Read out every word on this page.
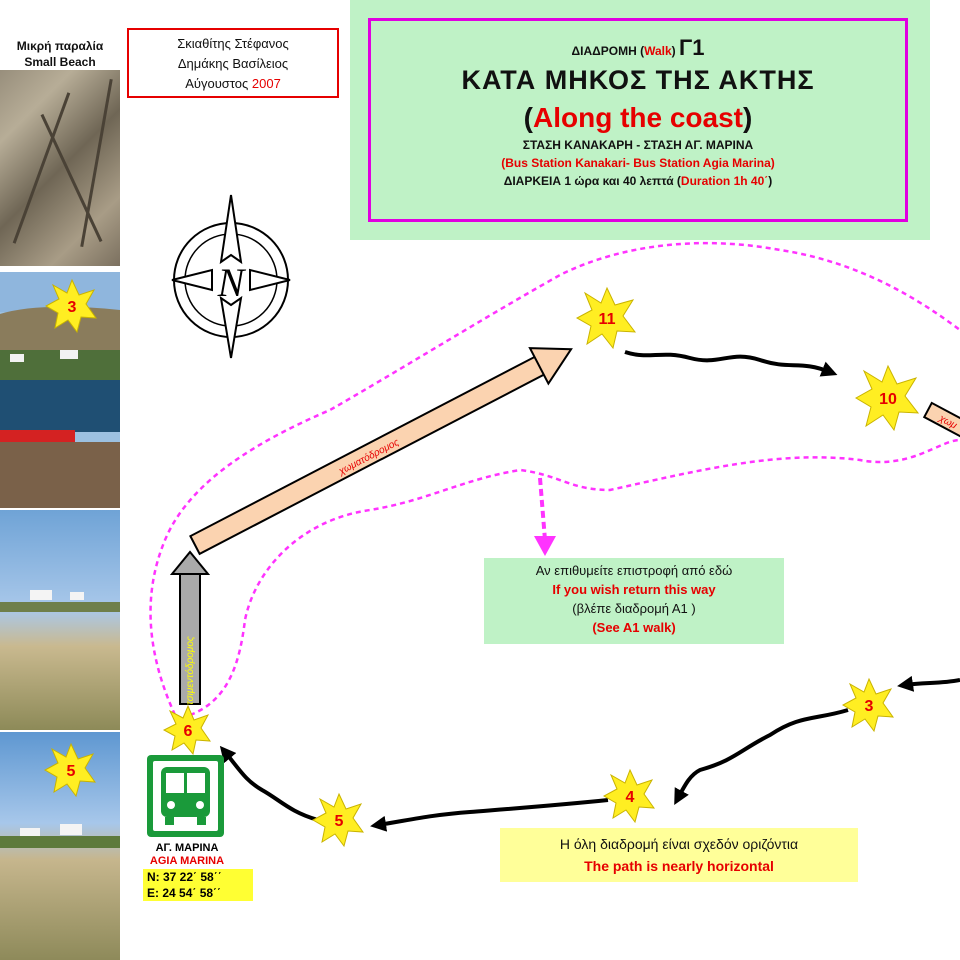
Μικρή παραλία
Small Beach
Σκιαθίτης Στέφανος
Δημάκης Βασίλειος
Αύγουστος 2007
ΔΙΑΔΡΟΜΗ (Walk) Γ1
ΚΑΤΑ ΜΗΚΟΣ ΤΗΣ ΑΚΤΗΣ
(Along the coast)
ΣΤΑΣΗ ΚΑΝΑΚΑΡΗ - ΣΤΑΣΗ ΑΓ. ΜΑΡΙΝΑ
(Bus Station Kanakari- Bus Station Agia Marina)
ΔΙΑΡΚΕΙΑ 1 ώρα και 40 λεπτά (Duration 1h 40΄)
N
χωματόδρομος
τσιμεντόδρομος
χωμ
11
10
3
4
5
6
3
5
Αν επιθυμείτε επιστροφή από εδώ
If you wish return this way
(βλέπε διαδρομή Α1 )
(See A1 walk)
Η όλη διαδρομή είναι σχεδόν οριζόντια
The path is nearly horizontal
ΑΓ. ΜΑΡΙΝΑ
AGIA MARINA
N: 37 22΄ 58΄΄
E: 24 54΄ 58΄΄
